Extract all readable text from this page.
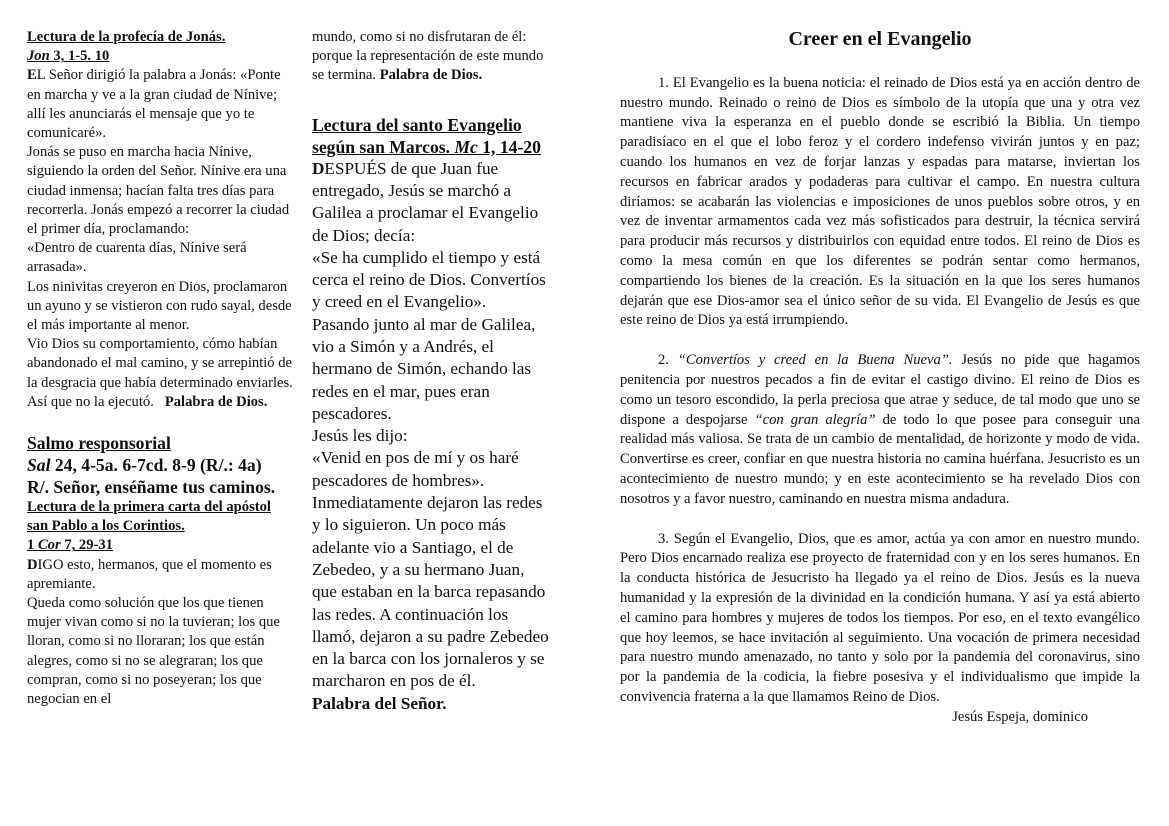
Lectura de la profecía de Jonás.

Jon 3, 1-5. 10

EL Señor dirigió la palabra a Jonás: «Ponte en marcha y ve a la gran ciudad de Nínive; allí les anunciarás el mensaje que yo te comunicaré».

Jonás se puso en marcha hacia Nínive, siguiendo la orden del Señor. Nínive era una ciudad inmensa; hacían falta tres días para recorrerla. Jonás empezó a recorrer la ciudad el primer día, proclamando:

«Dentro de cuarenta días, Nínive será arrasada».

Los ninivitas creyeron en Dios, proclamaron un ayuno y se vistieron con rudo sayal, desde el más importante al menor.

Vio Dios su comportamiento, cómo habían abandonado el mal camino, y se arrepintió de la desgracia que había determinado enviarles. Así que no la ejecutó. Palabra de Dios.

Salmo responsorial

Sal 24, 4-5a. 6-7cd. 8-9 (R/.: 4a)

R/. Señor, enséñame tus caminos.

Lectura de la primera carta del apóstol san Pablo a los Corintios.

1 Cor 7, 29-31

DIGO esto, hermanos, que el momento es apremiante.

Queda como solución que los que tienen mujer vivan como si no la tuvieran; los que lloran, como si no lloraran; los que están alegres, como si no se alegraran; los que compran, como si no poseyeran; los que negocian en el

mundo, como si no disfrutaran de él: porque la representación de este mundo se termina. Palabra de Dios.

Lectura del santo Evangelio según san Marcos. Mc 1, 14-20

DESPUÉS de que Juan fue entregado, Jesús se marchó a Galilea a proclamar el Evangelio de Dios; decía:

«Se ha cumplido el tiempo y está cerca el reino de Dios. Convertíos y creed en el Evangelio».

Pasando junto al mar de Galilea, vio a Simón y a Andrés, el hermano de Simón, echando las redes en el mar, pues eran pescadores.

Jesús les dijo:

«Venid en pos de mí y os haré pescadores de hombres».

Inmediatamente dejaron las redes y lo siguieron. Un poco más adelante vio a Santiago, el de Zebedeo, y a su hermano Juan, que estaban en la barca repasando las redes. A continuación los llamó, dejaron a su padre Zebedeo en la barca con los jornaleros y se marcharon en pos de él.

Palabra del Señor.

Creer en el Evangelio

1. El Evangelio es la buena noticia: el reinado de Dios está ya en acción dentro de nuestro mundo. Reinado o reino de Dios es símbolo de la utopía que una y otra vez mantiene viva la esperanza en el pueblo donde se escribió la Biblia. Un tiempo paradisíaco en el que el lobo feroz y el cordero indefenso vivirán juntos y en paz; cuando los humanos en vez de forjar lanzas y espadas para matarse, inviertan los recursos en fabricar arados y podaderas para cultivar el campo. En nuestra cultura diríamos: se acabarán las violencias e imposiciones de unos pueblos sobre otros, y en vez de inventar armamentos cada vez más sofisticados para destruir, la técnica servirá para producir más recursos y distribuirlos con equidad entre todos. El reino de Dios es como la mesa común en que los diferentes se podrán sentar como hermanos, compartiendo los bienes de la creación. Es la situación en la que los seres humanos dejarán que ese Dios-amor sea el único señor de su vida. El Evangelio de Jesús es que este reino de Dios ya está irrumpiendo.

2. “Convertíos y creed en la Buena Nueva”. Jesús no pide que hagamos penitencia por nuestros pecados a fin de evitar el castigo divino. El reino de Dios es como un tesoro escondido, la perla preciosa que atrae y seduce, de tal modo que uno se dispone a despojarse “con gran alegría” de todo lo que posee para conseguir una realidad más valiosa. Se trata de un cambio de mentalidad, de horizonte y modo de vida. Convertirse es creer, confiar en que nuestra historia no camina huérfana. Jesucristo es un acontecimiento de nuestro mundo; y en este acontecimiento se ha revelado Dios con nosotros y a favor nuestro, caminando en nuestra misma andadura.

3. Según el Evangelio, Dios, que es amor, actúa ya con amor en nuestro mundo. Pero Dios encarnado realiza ese proyecto de fraternidad con y en los seres humanos. En la conducta histórica de Jesucristo ha llegado ya el reino de Dios. Jesús es la nueva humanidad y la expresión de la divinidad en la condición humana. Y así ya está abierto el camino para hombres y mujeres de todos los tiempos. Por eso, en el texto evangélico que hoy leemos, se hace invitación al seguimiento. Una vocación de primera necesidad para nuestro mundo amenazado, no tanto y solo por la pandemia del coronavirus, sino por la pandemia de la codicia, la fiebre posesiva y el individualismo que impide la convivencia fraterna a la que llamamos Reino de Dios.

Jesús Espeja, dominico
